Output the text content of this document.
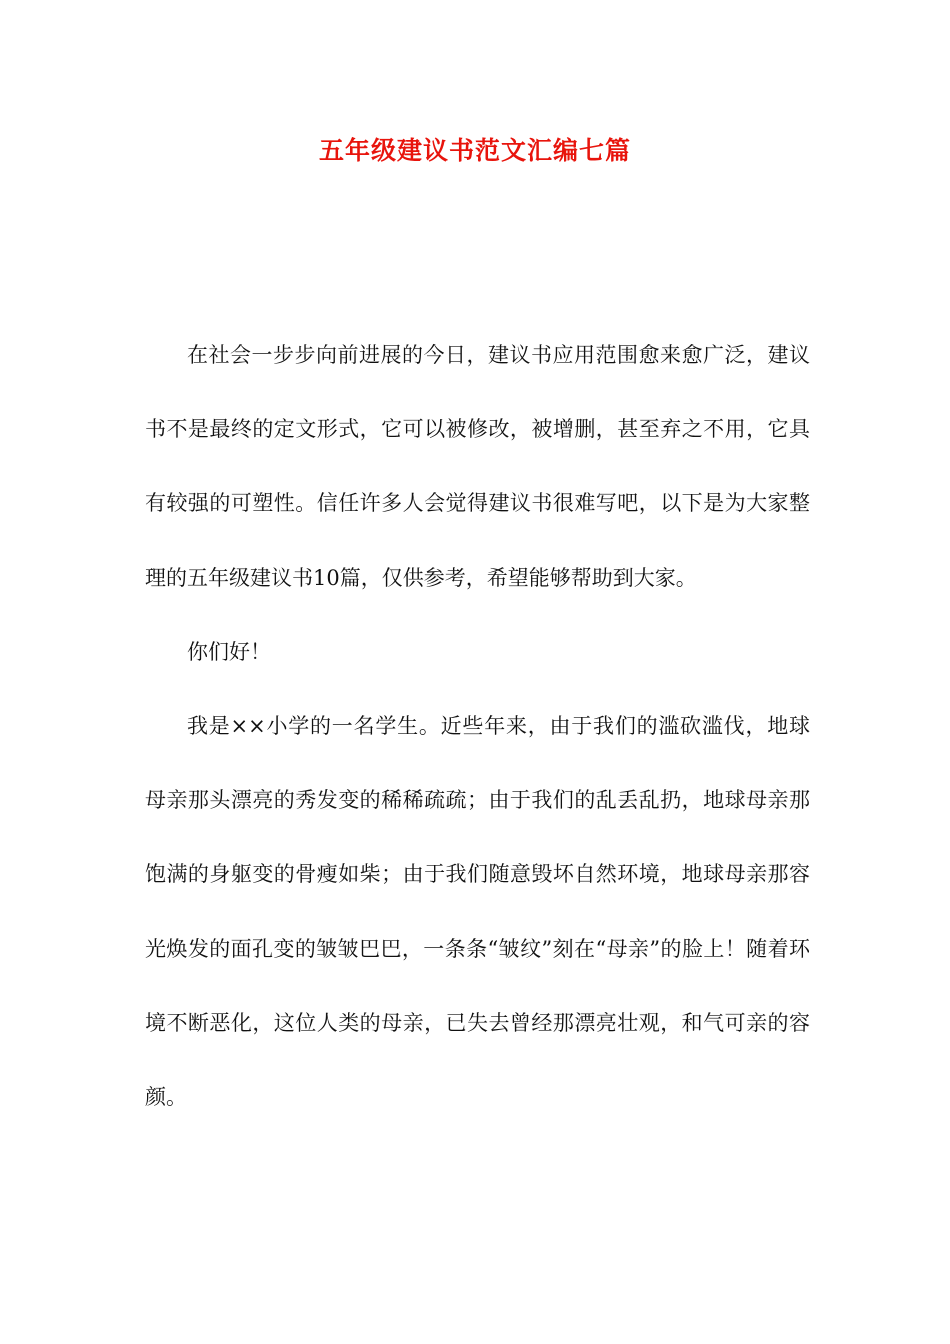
五年级建议书范文汇编七篇

在社会一步步向前进展的今日，建议书应用范围愈来愈广泛，建议书不是最终的定文形式，它可以被修改，被增删，甚至弃之不用，它具有较强的可塑性。信任许多人会觉得建议书很难写吧，以下是为大家整理的五年级建议书10篇，仅供参考，希望能够帮助到大家。

你们好！

我是××小学的一名学生。近些年来，由于我们的滥砍滥伐，地球母亲那头漂亮的秀发变的稀稀疏疏；由于我们的乱丢乱扔，地球母亲那饱满的身躯变的骨瘦如柴；由于我们随意毁坏自然环境，地球母亲那容光焕发的面孔变的皱皱巴巴，一条条“皱纹”刻在“母亲”的脸上！随着环境不断恶化，这位人类的母亲，已失去曾经那漂亮壮观，和气可亲的容颜。
